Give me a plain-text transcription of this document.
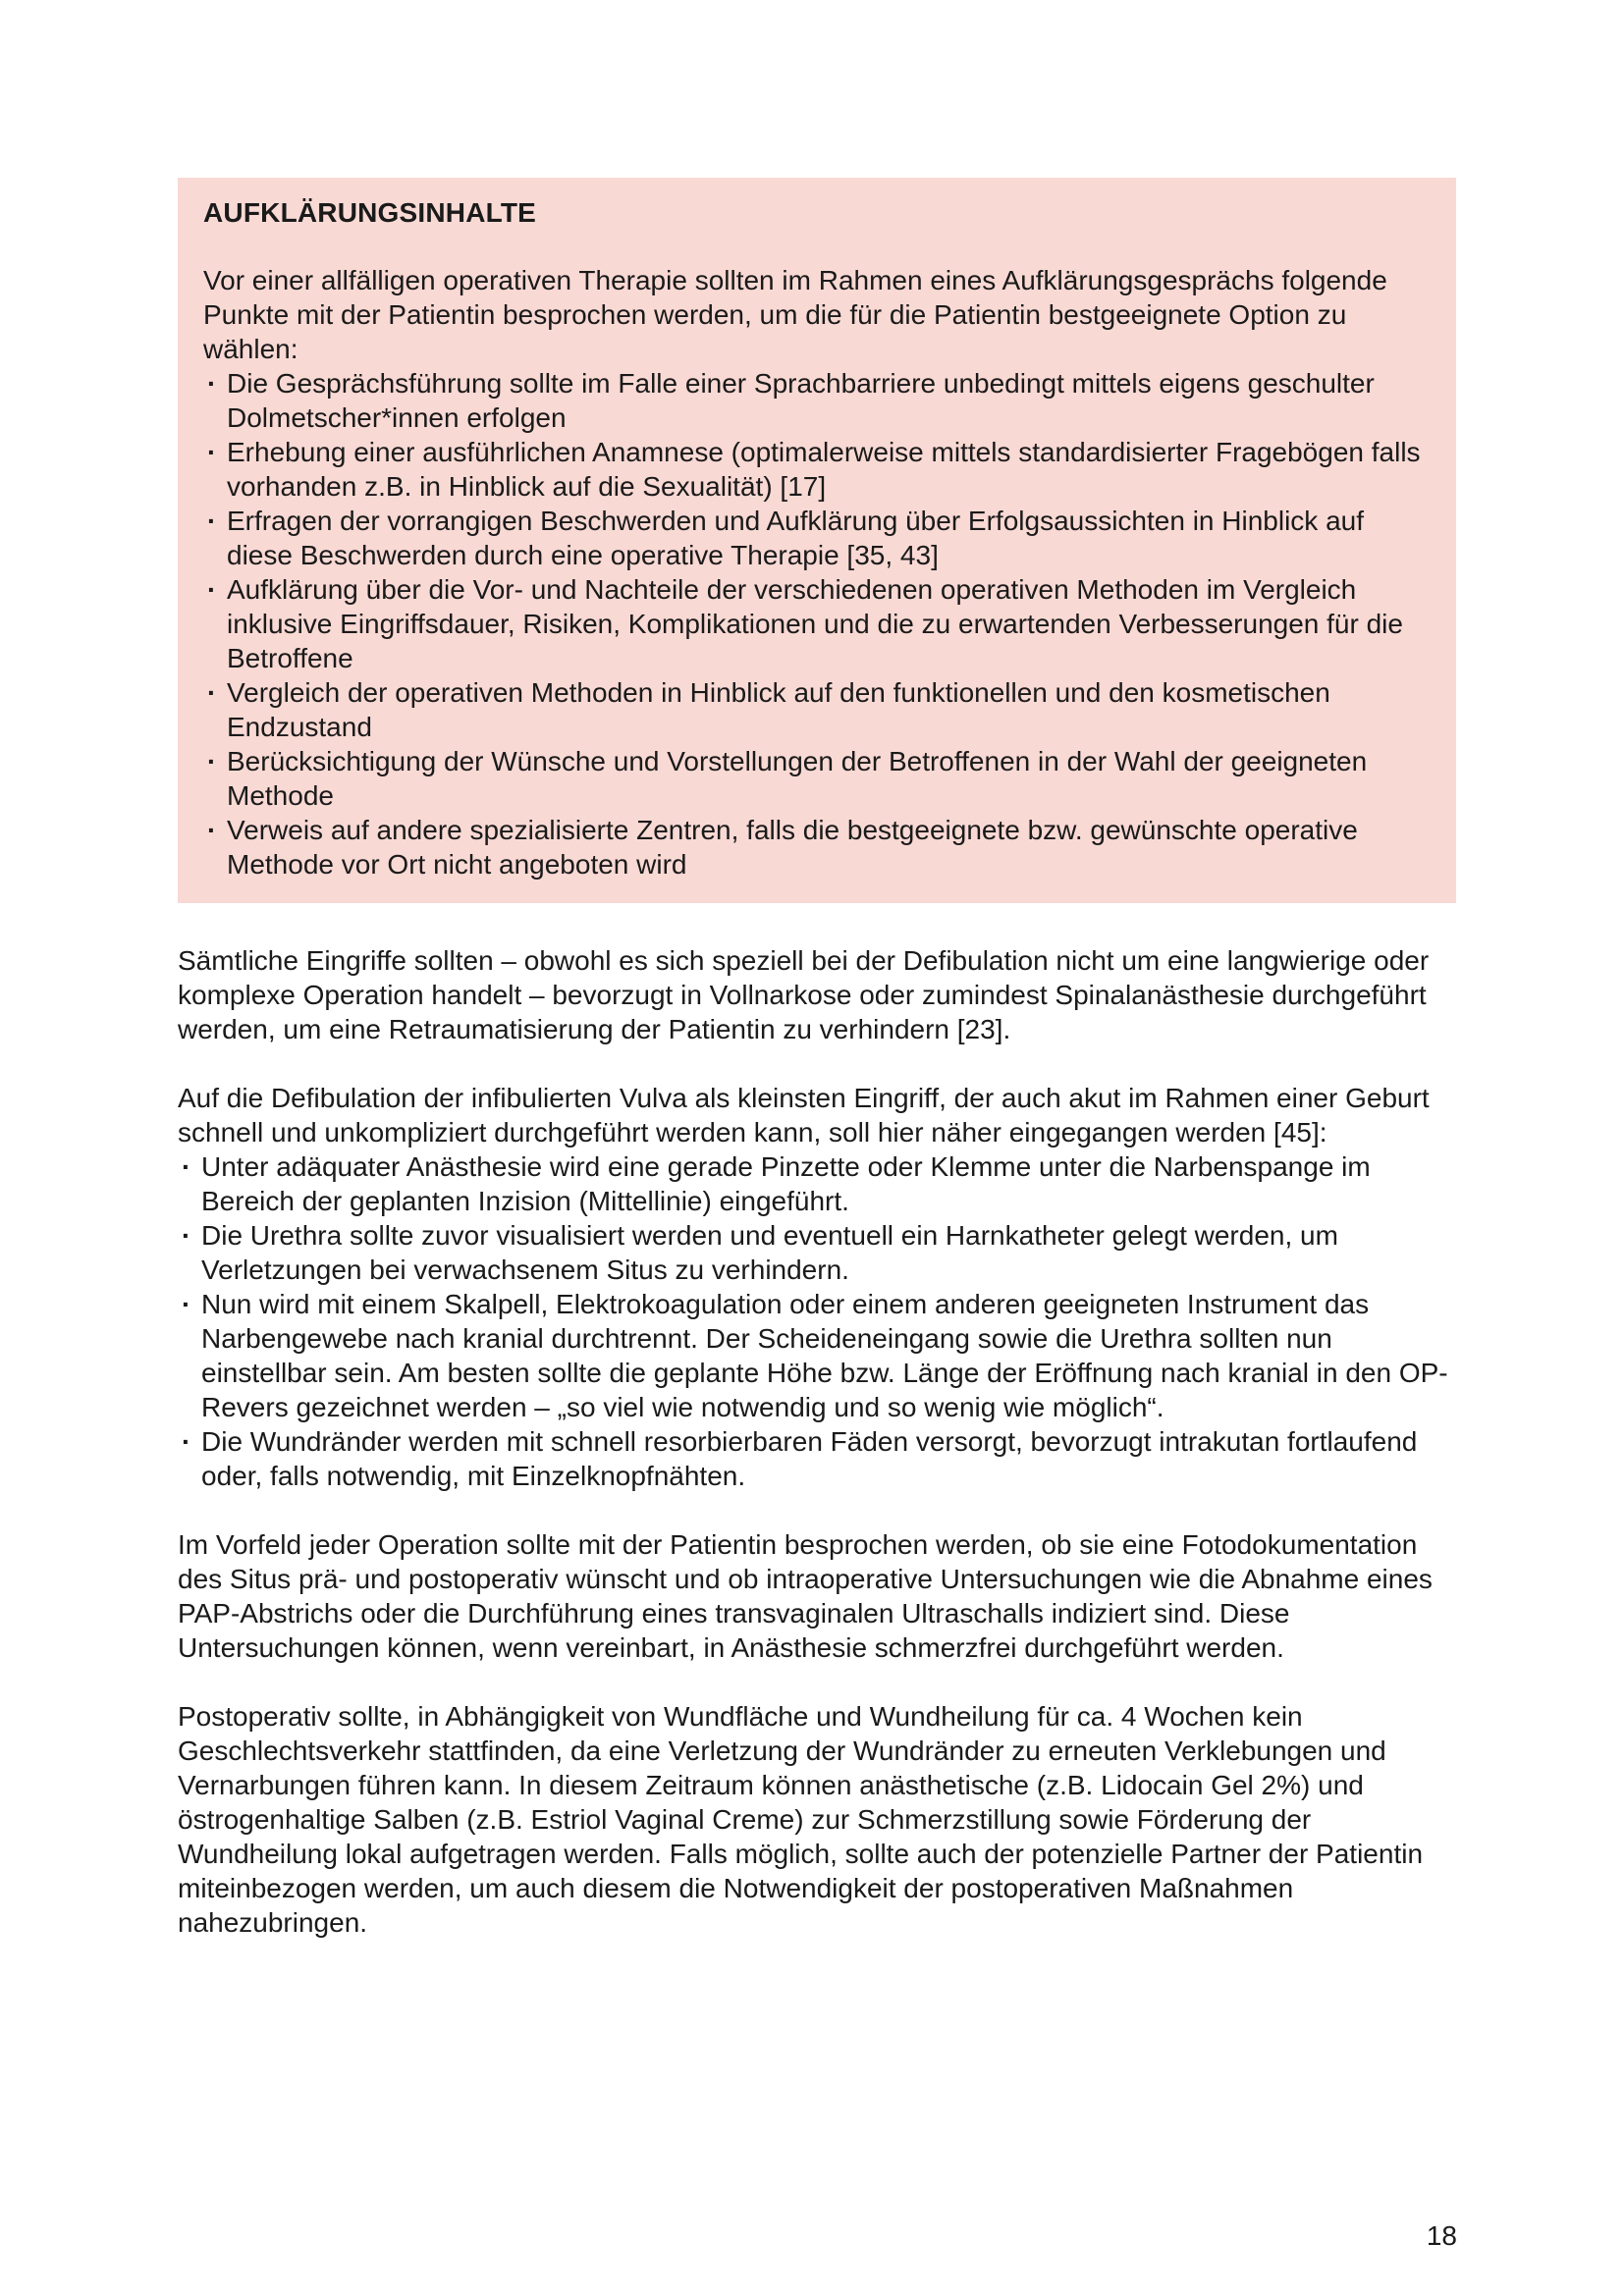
AUFKLÄRUNGSINHALTE

Vor einer allfälligen operativen Therapie sollten im Rahmen eines Aufklärungsgesprächs folgende Punkte mit der Patientin besprochen werden, um die für die Patientin bestgeeignete Option zu wählen:

· Die Gesprächsführung sollte im Falle einer Sprachbarriere unbedingt mittels eigens geschulter Dolmetscher*innen erfolgen
· Erhebung einer ausführlichen Anamnese (optimalerweise mittels standardisierter Fragebögen falls vorhanden z.B. in Hinblick auf die Sexualität) [17]
· Erfragen der vorrangigen Beschwerden und Aufklärung über Erfolgsaussichten in Hinblick auf diese Beschwerden durch eine operative Therapie [35, 43]
· Aufklärung über die Vor- und Nachteile der verschiedenen operativen Methoden im Vergleich inklusive Eingriffsdauer, Risiken, Komplikationen und die zu erwartenden Verbesserungen für die Betroffene
· Vergleich der operativen Methoden in Hinblick auf den funktionellen und den kosmetischen Endzustand
· Berücksichtigung der Wünsche und Vorstellungen der Betroffenen in der Wahl der geeigneten Methode
· Verweis auf andere spezialisierte Zentren, falls die bestgeeignete bzw. gewünschte operative Methode vor Ort nicht angeboten wird

Sämtliche Eingriffe sollten – obwohl es sich speziell bei der Defibulation nicht um eine langwierige oder komplexe Operation handelt – bevorzugt in Vollnarkose oder zumindest Spinalanästhesie durchgeführt werden, um eine Retraumatisierung der Patientin zu verhindern [23].

Auf die Defibulation der infibulierten Vulva als kleinsten Eingriff, der auch akut im Rahmen einer Geburt schnell und unkompliziert durchgeführt werden kann, soll hier näher eingegangen werden [45]:

· Unter adäquater Anästhesie wird eine gerade Pinzette oder Klemme unter die Narbenspange im Bereich der geplanten Inzision (Mittellinie) eingeführt.
· Die Urethra sollte zuvor visualisiert werden und eventuell ein Harnkatheter gelegt werden, um Verletzungen bei verwachsenem Situs zu verhindern.
· Nun wird mit einem Skalpell, Elektrokoagulation oder einem anderen geeigneten Instrument das Narbengewebe nach kranial durchtrennt. Der Scheideneingang sowie die Urethra sollten nun einstellbar sein. Am besten sollte die geplante Höhe bzw. Länge der Eröffnung nach kranial in den OP-Revers gezeichnet werden – „so viel wie notwendig und so wenig wie möglich“.
· Die Wundränder werden mit schnell resorbierbaren Fäden versorgt, bevorzugt intrakutan fortlaufend oder, falls notwendig, mit Einzelknopfnähten.

Im Vorfeld jeder Operation sollte mit der Patientin besprochen werden, ob sie eine Fotodokumentation des Situs prä- und postoperativ wünscht und ob intraoperative Untersuchungen wie die Abnahme eines PAP-Abstrichs oder die Durchführung eines transvaginalen Ultraschalls indiziert sind. Diese Untersuchungen können, wenn vereinbart, in Anästhesie schmerzfrei durchgeführt werden.

Postoperativ sollte, in Abhängigkeit von Wundfläche und Wundheilung für ca. 4 Wochen kein Geschlechtsverkehr stattfinden, da eine Verletzung der Wundränder zu erneuten Verklebungen und Vernarbungen führen kann. In diesem Zeitraum können anästhetische (z.B. Lidocain Gel 2%) und östrogenhaltige Salben (z.B. Estriol Vaginal Creme) zur Schmerzstillung sowie Förderung der Wundheilung lokal aufgetragen werden. Falls möglich, sollte auch der potenzielle Partner der Patientin miteinbezogen werden, um auch diesem die Notwendigkeit der postoperativen Maßnahmen nahezubringen.

18
